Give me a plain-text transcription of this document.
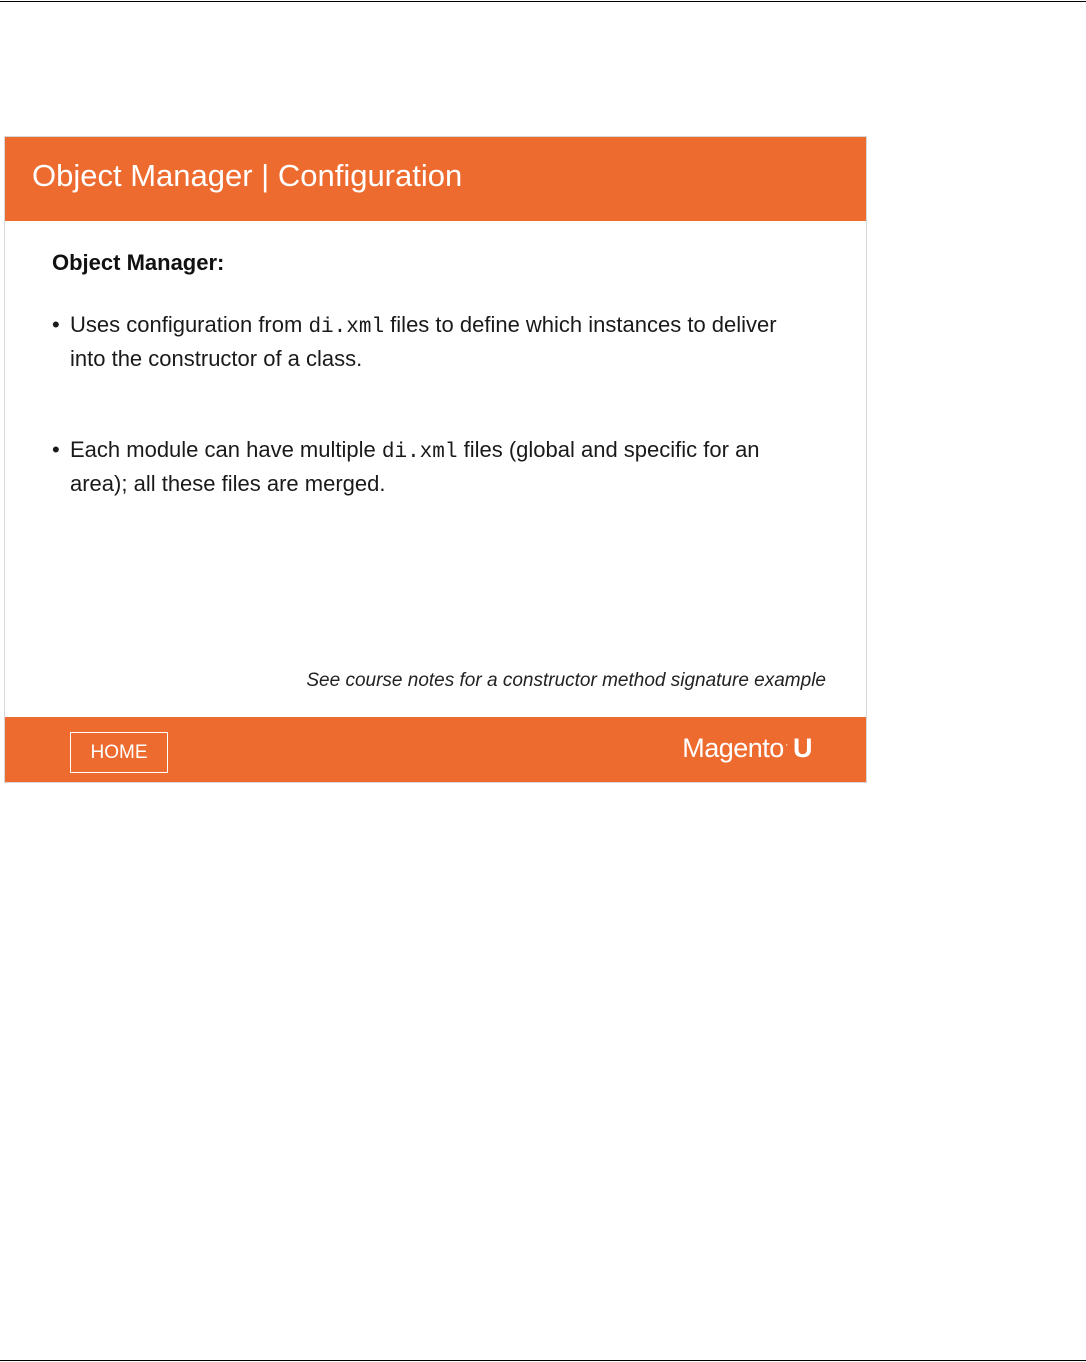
Object Manager | Configuration
Object Manager:
• Uses configuration from di.xml files to define which instances to deliver into the constructor of a class.
• Each module can have multiple di.xml files (global and specific for an area); all these files are merged.
See course notes for a constructor method signature example
HOME	Magento· U
